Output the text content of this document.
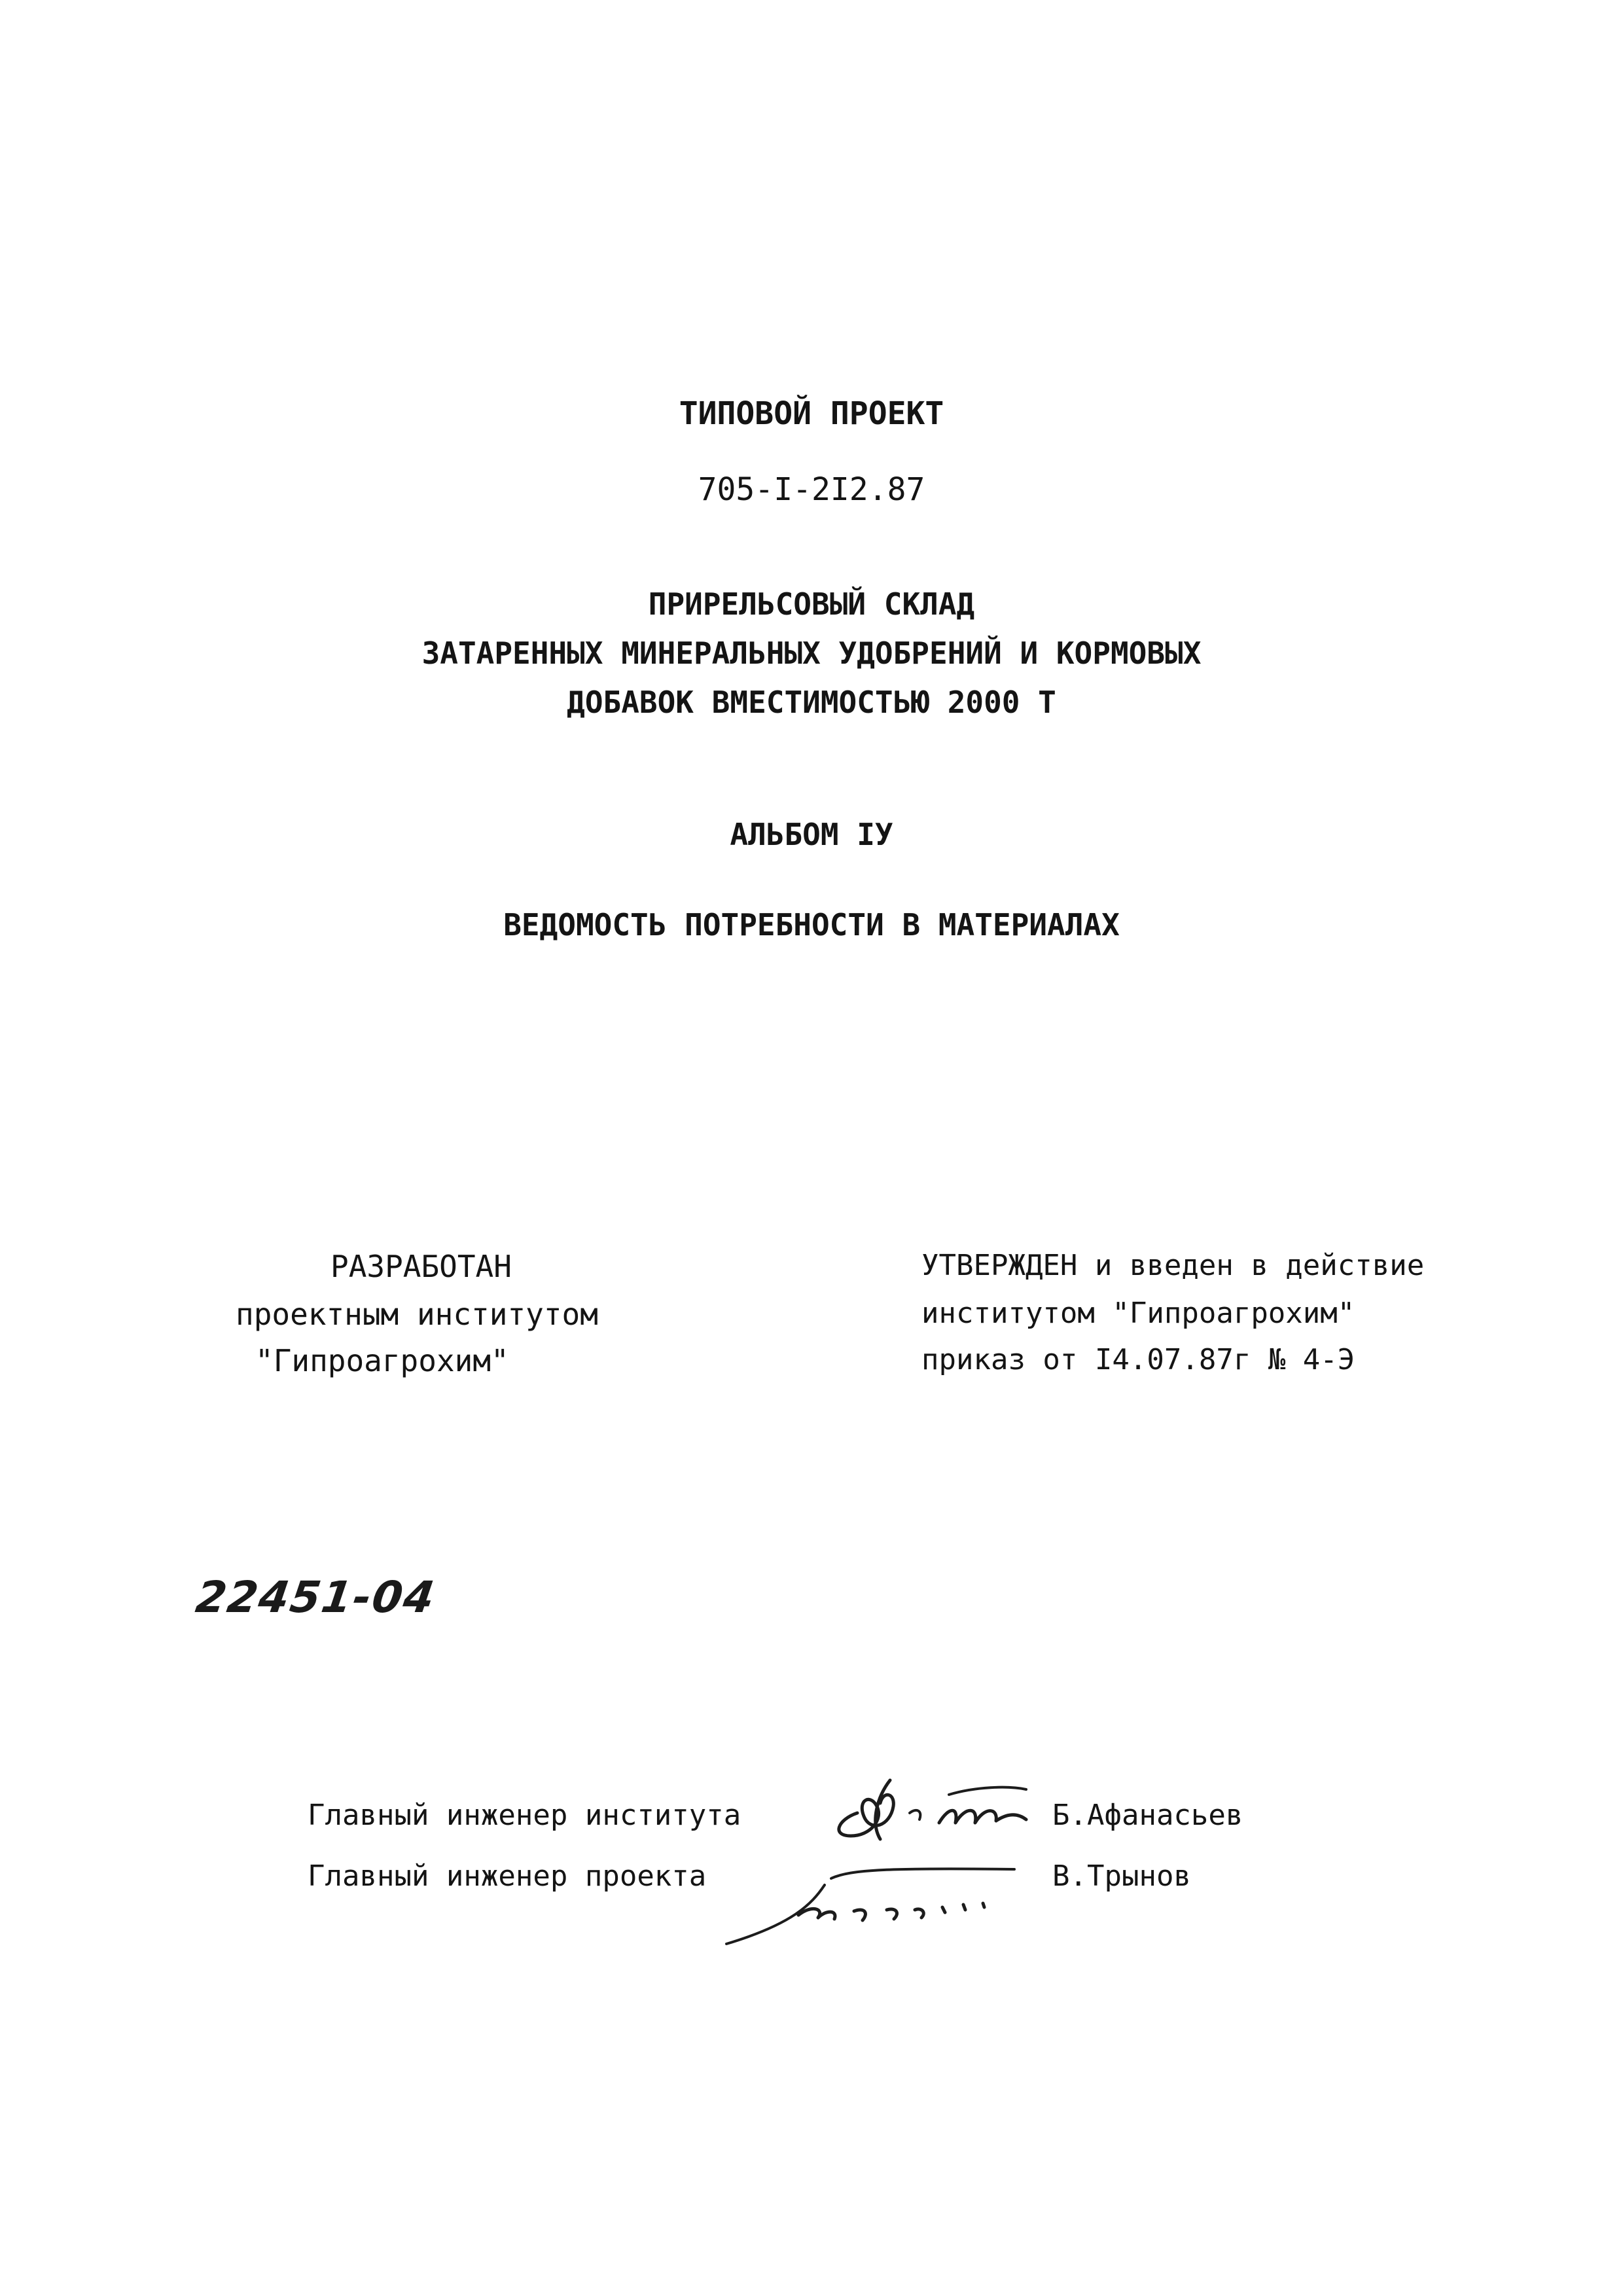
ТИПОВОЙ ПРОЕКТ
705-I-2I2.87
ПРИРЕЛЬСОВЫЙ СКЛАД
ЗАТАРЕННЫХ МИНЕРАЛЬНЫХ УДОБРЕНИЙ И КОРМОВЫХ
ДОБАВОК ВМЕСТИМОСТЬЮ 2000 Т
АЛЬБОМ IУ
ВЕДОМОСТЬ ПОТРЕБНОСТИ В МАТЕРИАЛАХ
РАЗРАБОТАН
проектным институтом
"Гипроагрохим"
УТВЕРЖДЕН и введен в действие
институтом "Гипроагрохим"
приказ от I4.07.87г № 4-Э
22451-04
Главный инженер института	Б.Афанасьев
Главный инженер проекта	В.Трынов
